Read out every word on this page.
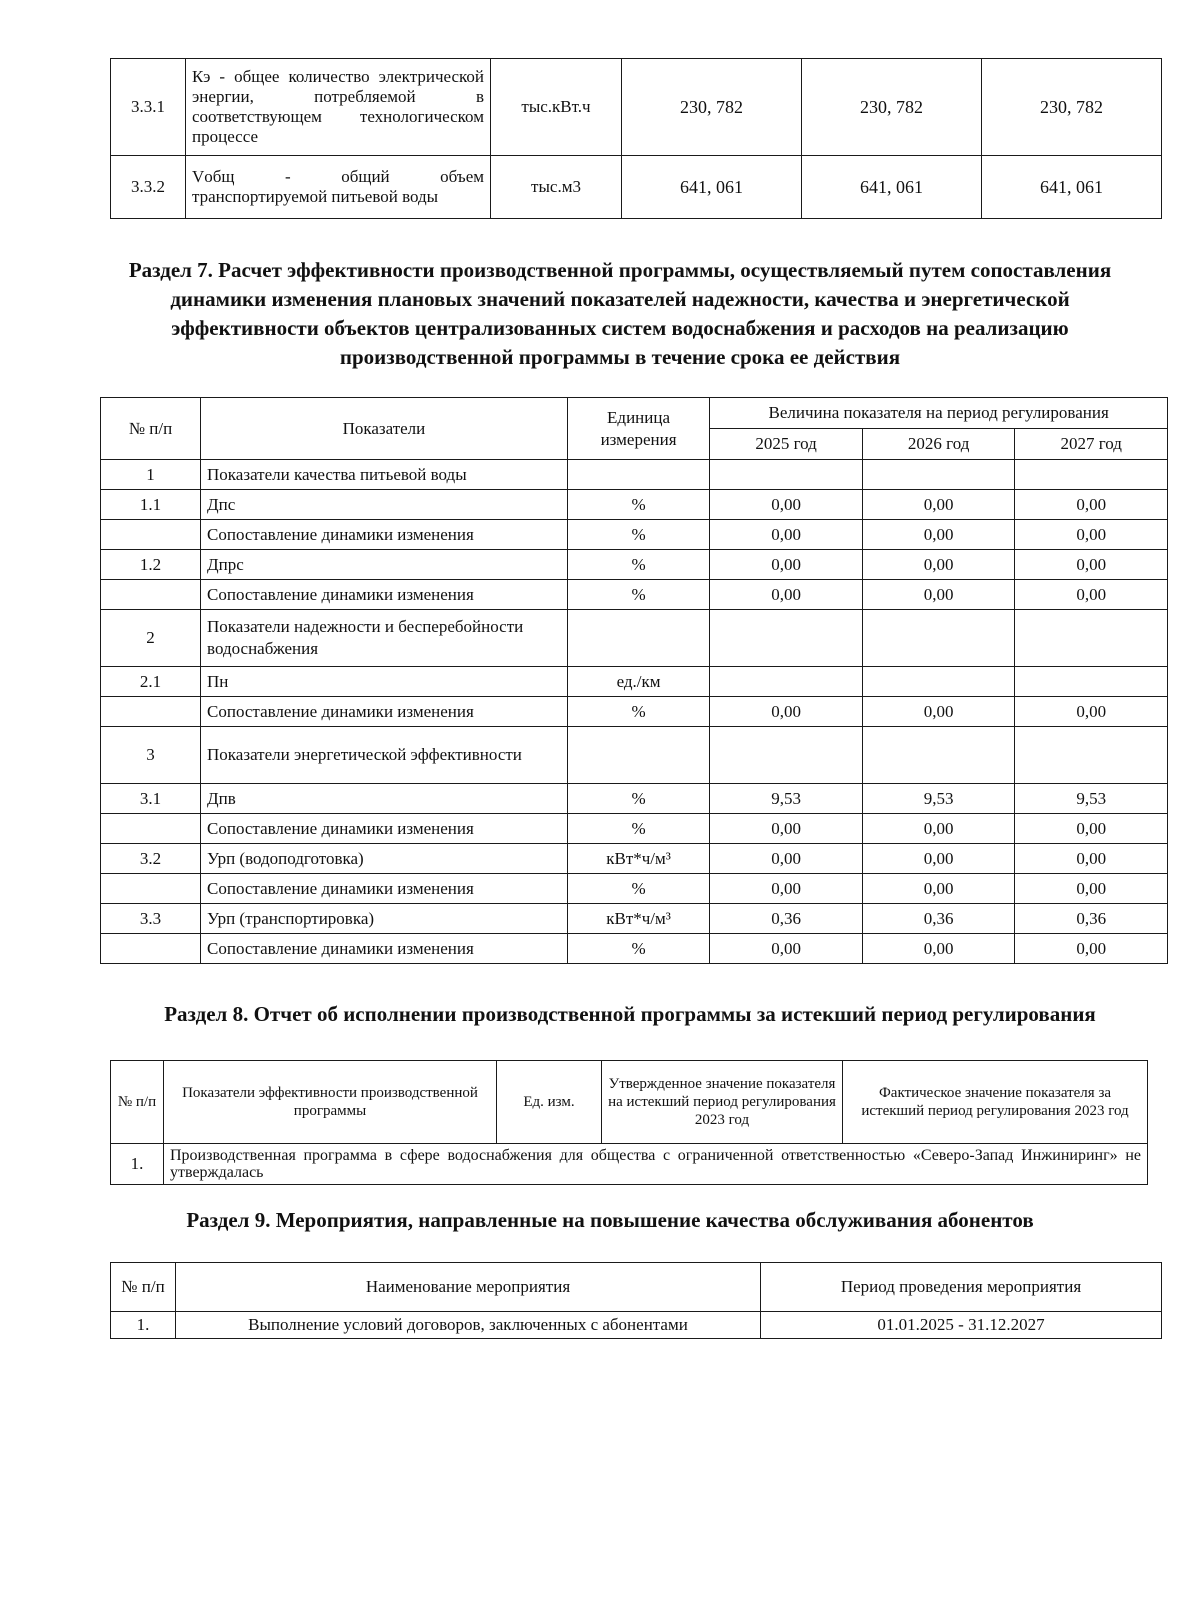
3.3.1	Кэ - общее количество электрической энергии, потребляемой в соответствующем технологическом процессе	тыс.кВт.ч	230, 782	230, 782	230, 782
3.3.2	Vобщ - общий объем транспортируемой питьевой воды	тыс.м3	641, 061	641, 061	641, 061
Раздел 7. Расчет эффективности производственной программы, осуществляемый путем сопоставления динамики изменения плановых значений показателей надежности, качества и энергетической эффективности объектов централизованных систем водоснабжения и расходов на реализацию производственной программы в течение срока ее действия
№ п/п	Показатели	Единица измерения	Величина показателя на период регулирования		
			2025 год	2026 год	2027 год
1	Показатели качества питьевой воды				
1.1	Дпс	%	0,00	0,00	0,00
	Сопоставление динамики изменения	%	0,00	0,00	0,00
1.2	Дпрс	%	0,00	0,00	0,00
	Сопоставление динамики изменения	%	0,00	0,00	0,00
2	Показатели надежности и бесперебойности водоснабжения				
2.1	Пн	ед./км			
	Сопоставление динамики изменения	%	0,00	0,00	0,00
3	Показатели энергетической эффективности				
3.1	Дпв	%	9,53	9,53	9,53
	Сопоставление динамики изменения	%	0,00	0,00	0,00
3.2	Урп (водоподготовка)	кВт*ч/м³	0,00	0,00	0,00
	Сопоставление динамики изменения	%	0,00	0,00	0,00
3.3	Урп (транспортировка)	кВт*ч/м³	0,36	0,36	0,36
	Сопоставление динамики изменения	%	0,00	0,00	0,00
Раздел 8. Отчет об исполнении производственной программы за истекший период регулирования
№ п/п	Показатели эффективности производственной программы	Ед. изм.	Утвержденное значение показателя на истекший период регулирования 2023 год	Фактическое значение показателя за истекший период регулирования 2023 год
1.	Производственная программа в сфере водоснабжения для общества с ограниченной ответственностью «Северо-Запад Инжиниринг» не утверждалась			
Раздел 9. Мероприятия, направленные на повышение качества обслуживания абонентов
№ п/п	Наименование мероприятия	Период проведения мероприятия
1.	Выполнение условий договоров, заключенных с абонентами	01.01.2025 - 31.12.2027
